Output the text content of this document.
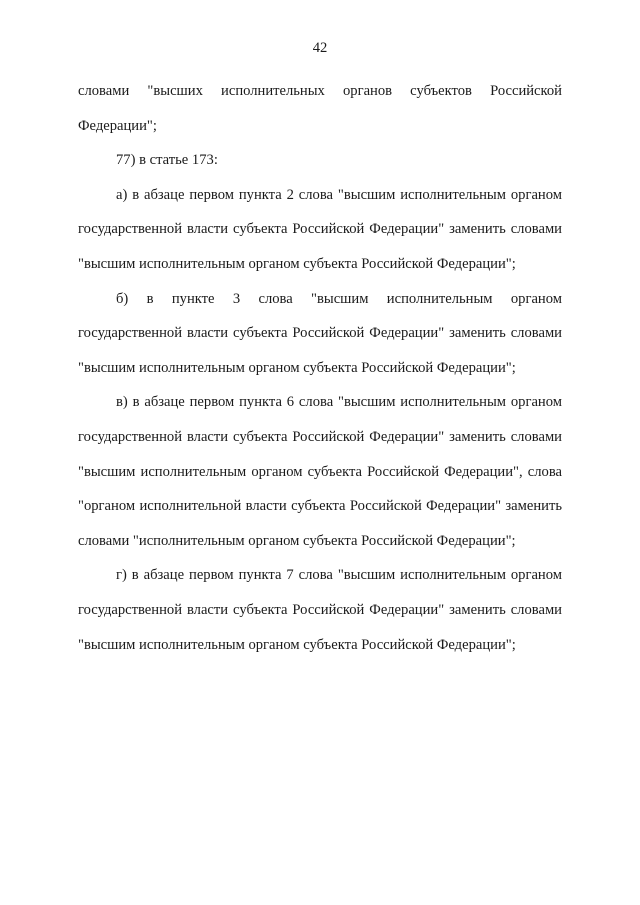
42

словами "высших исполнительных органов субъектов Российской Федерации";

77) в статье 173:

а) в абзаце первом пункта 2 слова "высшим исполнительным органом государственной власти субъекта Российской Федерации" заменить словами "высшим исполнительным органом субъекта Российской Федерации";

б) в пункте 3 слова "высшим исполнительным органом государственной власти субъекта Российской Федерации" заменить словами "высшим исполнительным органом субъекта Российской Федерации";

в) в абзаце первом пункта 6 слова "высшим исполнительным органом государственной власти субъекта Российской Федерации" заменить словами "высшим исполнительным органом субъекта Российской Федерации", слова "органом исполнительной власти субъекта Российской Федерации" заменить словами "исполнительным органом субъекта Российской Федерации";

г) в абзаце первом пункта 7 слова "высшим исполнительным органом государственной власти субъекта Российской Федерации" заменить словами "высшим исполнительным органом субъекта Российской Федерации";
